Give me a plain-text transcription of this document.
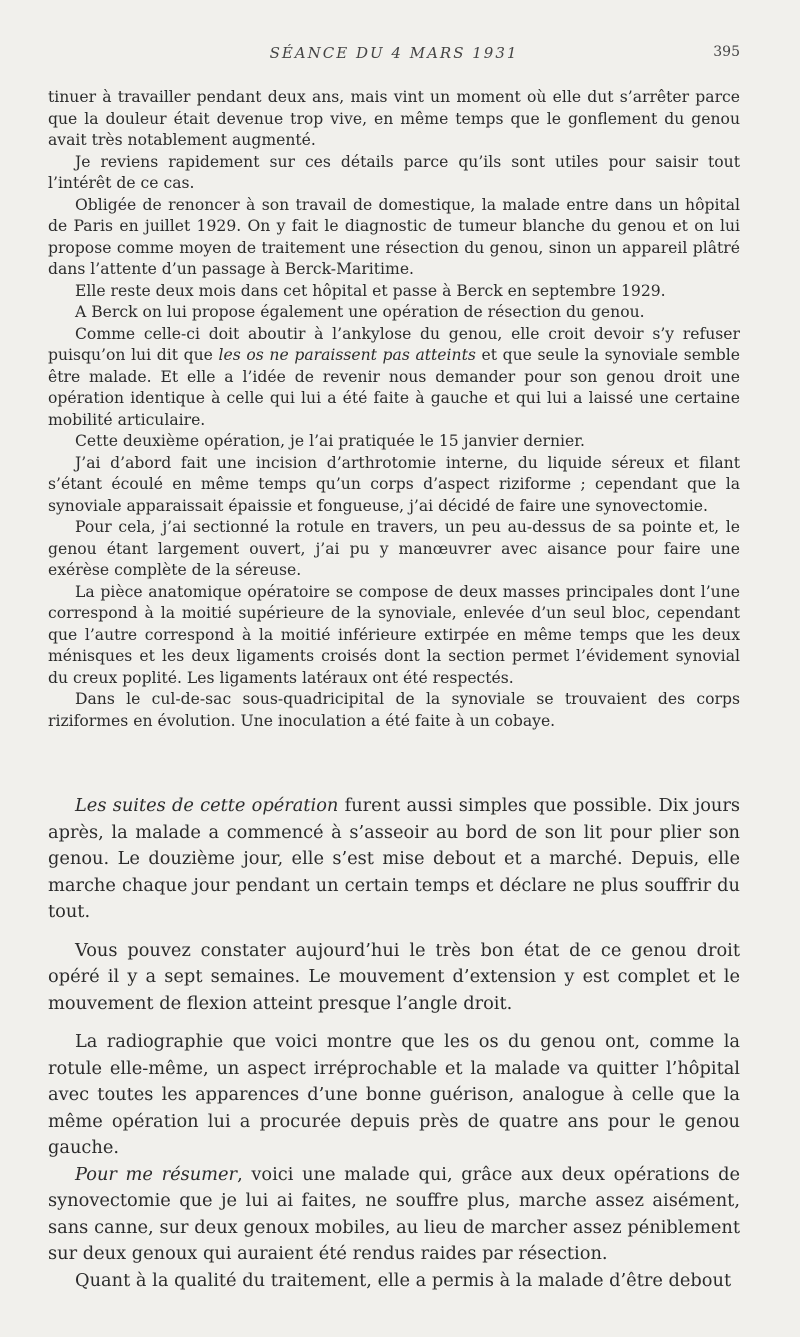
SÉANCE DU 4 MARS 1931	395

tinuer à travailler pendant deux ans, mais vint un moment où elle dut s’arrêter parce que la douleur était devenue trop vive, en même temps que le gonflement du genou avait très notablement augmenté.

Je reviens rapidement sur ces détails parce qu’ils sont utiles pour saisir tout l’intérêt de ce cas.

Obligée de renoncer à son travail de domestique, la malade entre dans un hôpital de Paris en juillet 1929. On y fait le diagnostic de tumeur blanche du genou et on lui propose comme moyen de traitement une résection du genou, sinon un appareil plâtré dans l’attente d’un passage à Berck-Maritime.

Elle reste deux mois dans cet hôpital et passe à Berck en septembre 1929.

A Berck on lui propose également une opération de résection du genou.

Comme celle-ci doit aboutir à l’ankylose du genou, elle croit devoir s’y refuser puisqu’on lui dit que les os ne paraissent pas atteints et que seule la synoviale semble être malade. Et elle a l’idée de revenir nous demander pour son genou droit une opération identique à celle qui lui a été faite à gauche et qui lui a laissé une certaine mobilité articulaire.

Cette deuxième opération, je l’ai pratiquée le 15 janvier dernier.

J’ai d’abord fait une incision d’arthrotomie interne, du liquide séreux et filant s’étant écoulé en même temps qu’un corps d’aspect riziforme ; cependant que la synoviale apparaissait épaissie et fongueuse, j’ai décidé de faire une synovectomie.

Pour cela, j’ai sectionné la rotule en travers, un peu au-dessus de sa pointe et, le genou étant largement ouvert, j’ai pu y manœuvrer avec aisance pour faire une exérèse complète de la séreuse.

La pièce anatomique opératoire se compose de deux masses principales dont l’une correspond à la moitié supérieure de la synoviale, enlevée d’un seul bloc, cependant que l’autre correspond à la moitié inférieure extirpée en même temps que les deux ménisques et les deux ligaments croisés dont la section permet l’évidement synovial du creux poplité. Les ligaments latéraux ont été respectés.

Dans le cul-de-sac sous-quadricipital de la synoviale se trouvaient des corps riziformes en évolution. Une inoculation a été faite à un cobaye.

Les suites de cette opération furent aussi simples que possible. Dix jours après, la malade a commencé à s’asseoir au bord de son lit pour plier son genou. Le douzième jour, elle s’est mise debout et a marché. Depuis, elle marche chaque jour pendant un certain temps et déclare ne plus souffrir du tout.

Vous pouvez constater aujourd’hui le très bon état de ce genou droit opéré il y a sept semaines. Le mouvement d’extension y est complet et le mouvement de flexion atteint presque l’angle droit.

La radiographie que voici montre que les os du genou ont, comme la rotule elle-même, un aspect irréprochable et la malade va quitter l’hôpital avec toutes les apparences d’une bonne guérison, analogue à celle que la même opération lui a procurée depuis près de quatre ans pour le genou gauche.

Pour me résumer, voici une malade qui, grâce aux deux opérations de synovectomie que je lui ai faites, ne souffre plus, marche assez aisément, sans canne, sur deux genoux mobiles, au lieu de marcher assez péniblement sur deux genoux qui auraient été rendus raides par résection.

Quant à la qualité du traitement, elle a permis à la malade d’être debout
